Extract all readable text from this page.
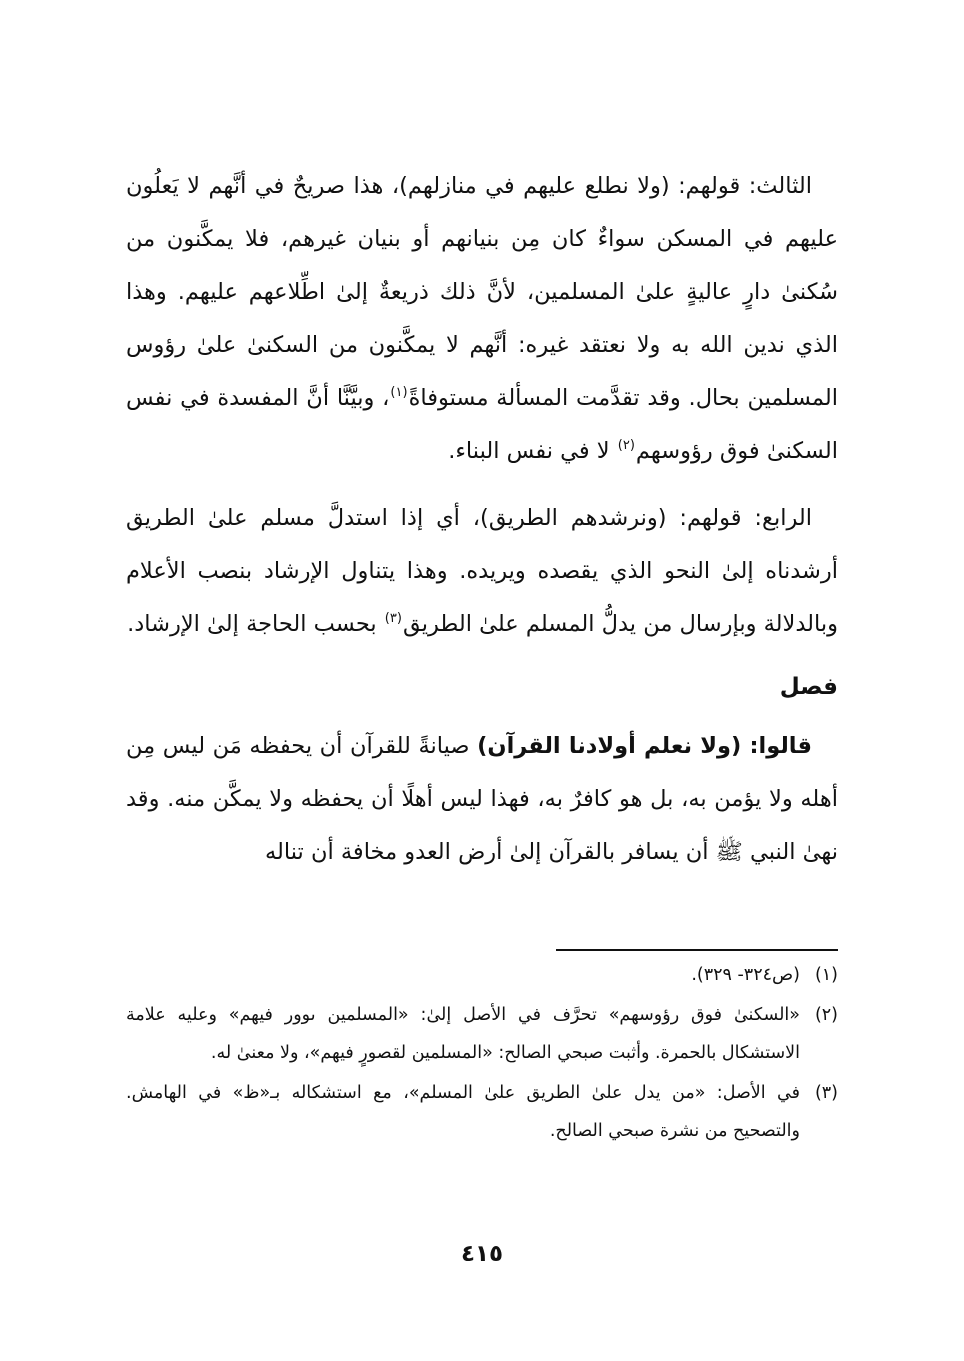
الثالث: قولهم: (ولا نطلع عليهم في منازلهم)، هذا صريحٌ في أنَّهم لا يَعلُون عليهم في المسكن سواءٌ كان مِن بنيانهم أو بنيان غيرهم، فلا يمكَّنون من سُكنىٰ دارٍ عاليةٍ علىٰ المسلمين، لأنَّ ذلك ذريعةٌ إلىٰ اطِّلاعهم عليهم. وهذا الذي ندين الله به ولا نعتقد غيره: أنَّهم لا يمكَّنون من السكنىٰ علىٰ رؤوس المسلمين بحال. وقد تقدَّمت المسألة مستوفاةً$^{(١)}$، وبيَّنَّا أنَّ المفسدة في نفس السكنىٰ فوق رؤوسهم$^{(٢)}$ لا في نفس البناء.

الرابع: قولهم: (ونرشدهم الطريق)، أي إذا استدلَّ مسلم علىٰ الطريق أرشدناه إلىٰ النحو الذي يقصده ويريده. وهذا يتناول الإرشاد بنصب الأعلام وبالدلالة وبإرسال من يدلُّ المسلم علىٰ الطريق$^{(٣)}$ بحسب الحاجة إلىٰ الإرشاد.

فصل

قالوا: (ولا نعلم أولادنا القرآن) صيانةً للقرآن أن يحفظه مَن ليس مِن أهله ولا يؤمن به، بل هو كافرٌ به، فهذا ليس أهلًا أن يحفظه ولا يمكَّن منه. وقد نهىٰ النبي ﷺ أن يسافر بالقرآن إلىٰ أرض العدو مخافة أن تناله

(١)
(ص٣٢٤- ٣٢٩).
(٢)
«السكنىٰ فوق رؤوسهم» تحرَّف في الأصل إلىٰ: «المسلمين ىوور فيهم» وعليه علامة الاستشكال بالحمرة. وأثبت صبحي الصالح: «المسلمين لقصورٍ فيهم»، ولا معنىٰ له.
(٣)
في الأصل: «من يدل علىٰ الطريق علىٰ المسلم»، مع استشكاله بـ«ظ» في الهامش. والتصحيح من نشرة صبحي الصالح.
٤١٥
